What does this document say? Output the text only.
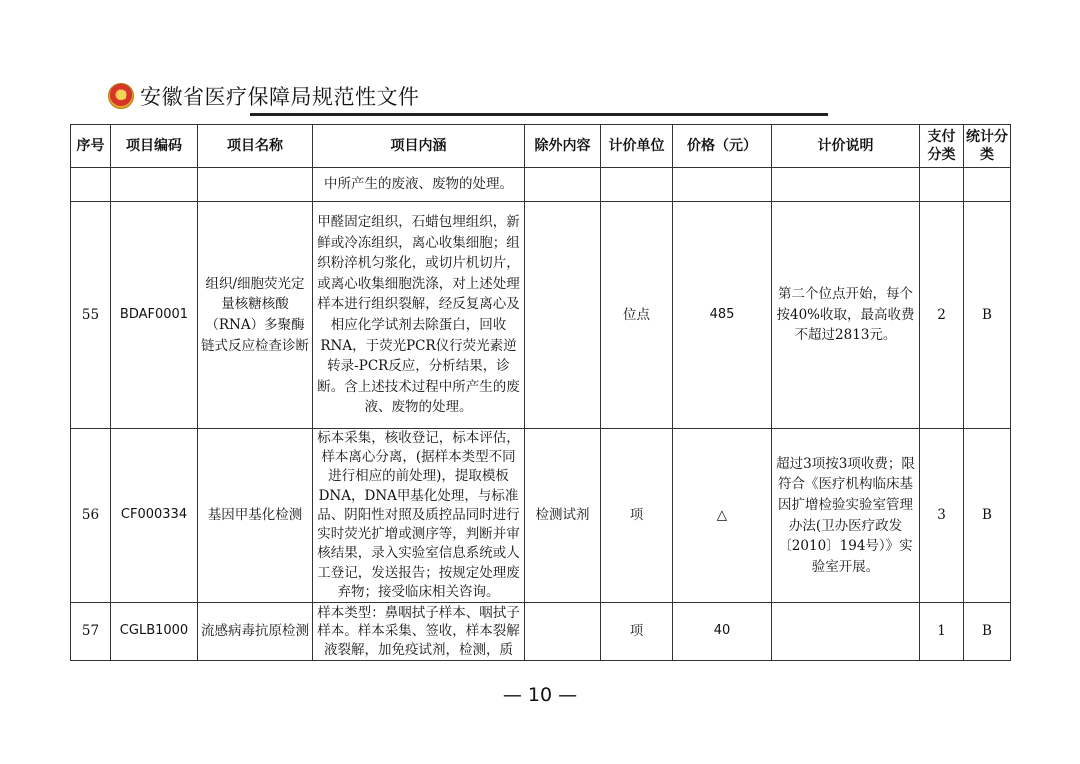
安徽省医疗保障局规范性文件
序号	项目编码	项目名称	项目内涵	除外内容	计价单位	价格（元）	计价说明	支付分类	统计分类
			中所产生的废液、废物的处理。						
55	BDAF0001	组织/细胞荧光定量核糖核酸（RNA）多聚酶链式反应检查诊断	甲醛固定组织，石蜡包埋组织，新鲜或冷冻组织，离心收集细胞；组织粉淬机匀浆化，或切片机切片，或离心收集细胞洗涤，对上述处理样本进行组织裂解，经反复离心及相应化学试剂去除蛋白，回收RNA，于荧光PCR仪行荧光素逆转录-PCR反应，分析结果，诊断。含上述技术过程中所产生的废液、废物的处理。		位点	485	第二个位点开始，每个按40%收取，最高收费不超过2813元。	2	B
56	CF000334	基因甲基化检测	标本采集，核收登记，标本评估，样本离心分离，(据样本类型不同进行相应的前处理)，提取模板DNA，DNA甲基化处理，与标准品、阴阳性对照及质控品同时进行实时荧光扩增或测序等，判断并审核结果，录入实验室信息系统或人工登记，发送报告；按规定处理废弃物；接受临床相关咨询。	检测试剂	项	△	超过3项按3项收费；限符合《医疗机构临床基因扩增检验实验室管理办法(卫办医疗政发〔2010〕194号）》实验室开展。	3	B
57	CGLB1000	流感病毒抗原检测	样本类型：鼻咽拭子样本、咽拭子样本。样本采集、签收，样本裂解液裂解，加免疫试剂，检测，质		项	40		1	B
— 10 —
